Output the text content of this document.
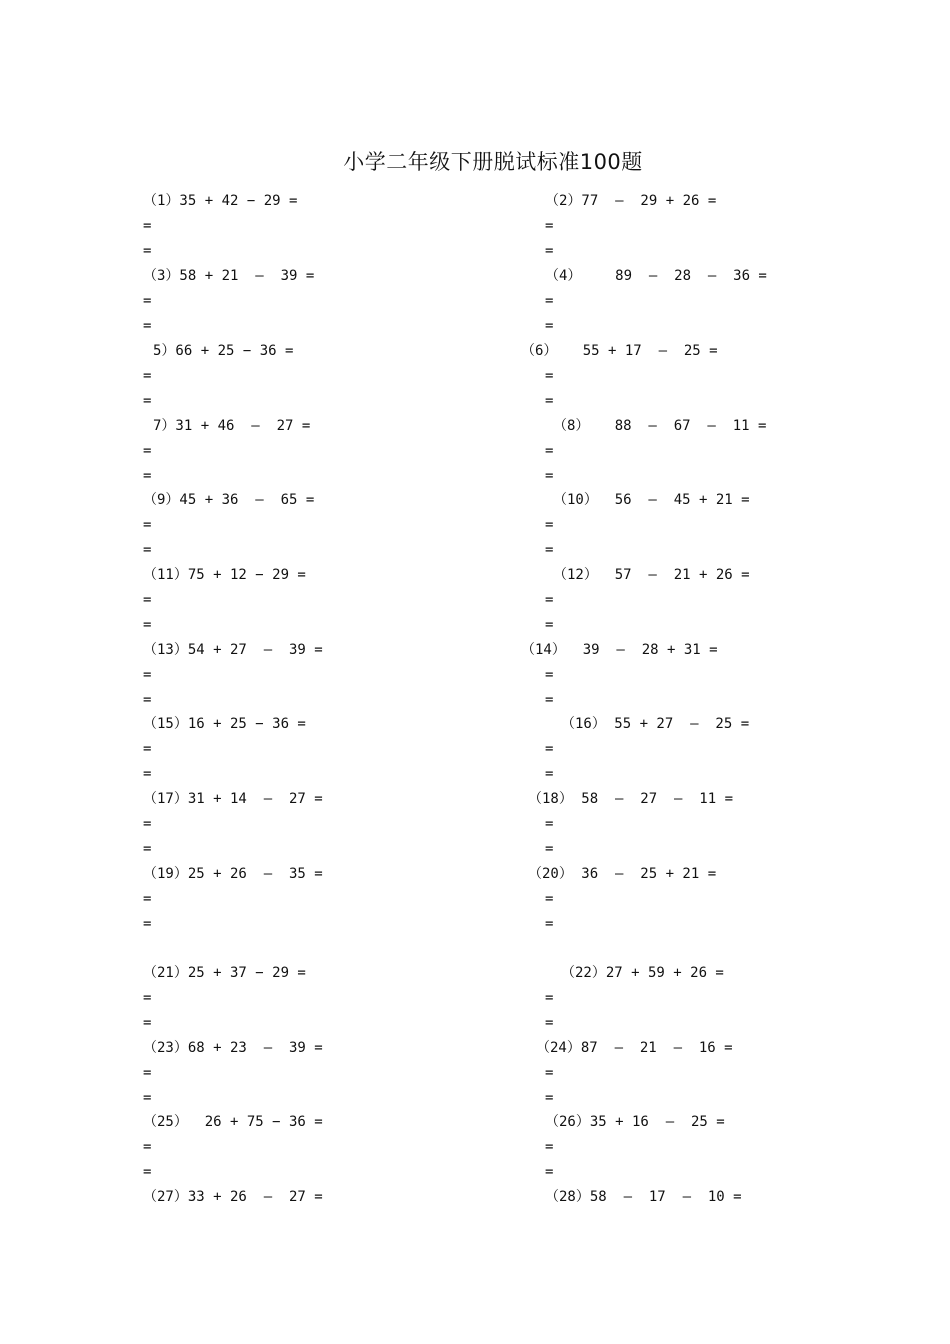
小学二年级下册脱试标准100题
（1）35 + 42 − 29 =
=
=
（2）77  –  29 + 26 =
=
=
（3）58 + 21  –  39 =
=
=
（4）    89  –  28  –  36 =
=
=
5）66 + 25 − 36 =
=
=
（6）   55 + 17  –  25 =
=
=
7）31 + 46  –  27 =
=
=
（8）   88  –  67  –  11 =
=
=
（9）45 + 36  –  65 =
=
=
（10）  56  –  45 + 21 =
=
=
（11）75 + 12 − 29 =
=
=
（12）  57  –  21 + 26 =
=
=
（13）54 + 27  –  39 =
=
=
（14）  39  –  28 + 31 =
=
=
（15）16 + 25 − 36 =
=
=
（16） 55 + 27  –  25 =
=
=
（17）31 + 14  –  27 =
=
=
（18） 58  –  27  –  11 =
=
=
（19）25 + 26  –  35 =
=
=
（20） 36  –  25 + 21 =
=
=
（21）25 + 37 − 29 =
=
=
（22）27 + 59 + 26 =
=
=
（23）68 + 23  –  39 =
=
=
（24）87  –  21  –  16 =
=
=
（25）  26 + 75 − 36 =
=
=
（26）35 + 16  –  25 =
=
=
（27）33 + 26  –  27 =	（28）58  –  17  –  10 =
